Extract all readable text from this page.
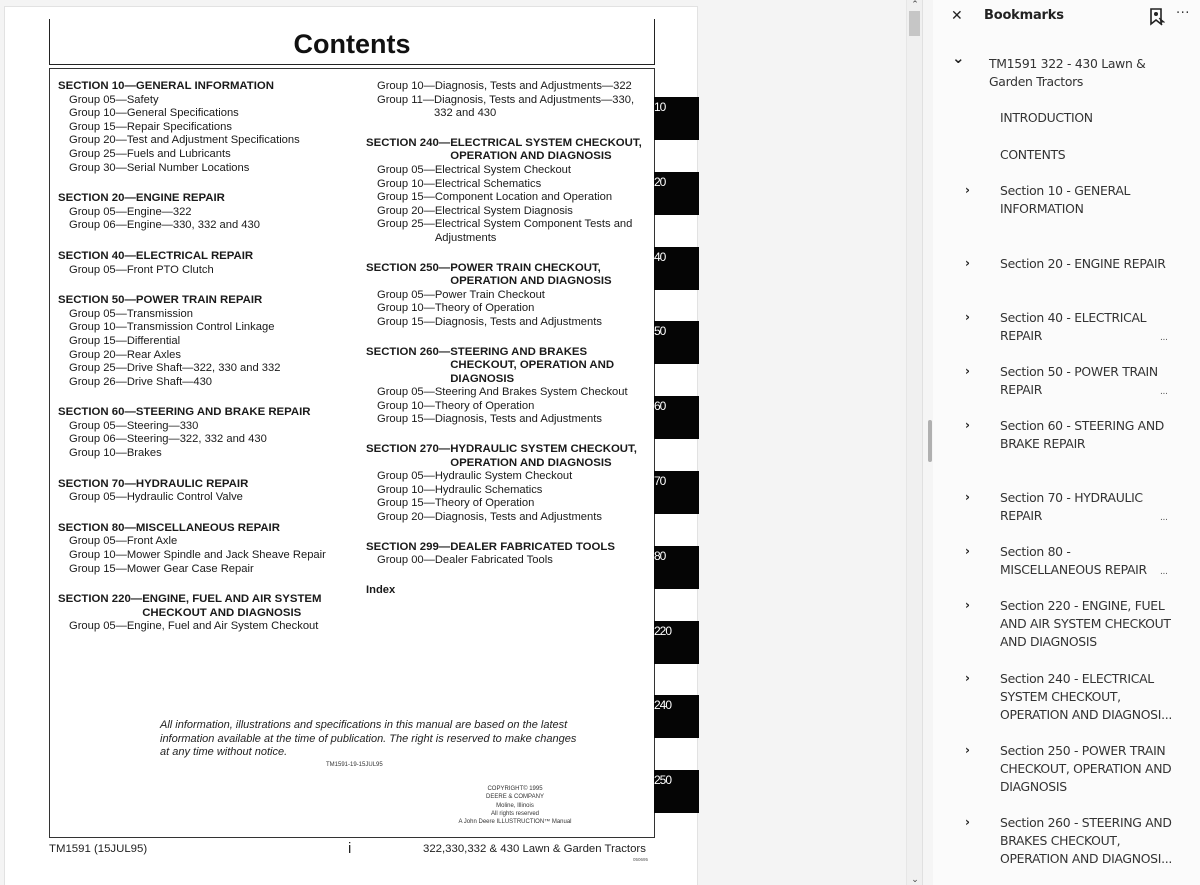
Contents
SECTION 10— GENERAL INFORMATION
Group 05— Safety
Group 10— General Specifications
Group 15— Repair Specifications
Group 20— Test and Adjustment Specifications
Group 25— Fuels and Lubricants
Group 30— Serial Number Locations
SECTION 20— ENGINE REPAIR
Group 05— Engine—322
Group 06— Engine—330, 332 and 430
SECTION 40— ELECTRICAL REPAIR
Group 05— Front PTO Clutch
SECTION 50— POWER TRAIN REPAIR
Group 05— Transmission
Group 10— Transmission Control Linkage
Group 15— Differential
Group 20— Rear Axles
Group 25— Drive Shaft—322, 330 and 332
Group 26— Drive Shaft—430
SECTION 60— STEERING AND BRAKE REPAIR
Group 05— Steering—330
Group 06— Steering—322, 332 and 430
Group 10— Brakes
SECTION 70— HYDRAULIC REPAIR
Group 05— Hydraulic Control Valve
SECTION 80— MISCELLANEOUS REPAIR
Group 05— Front Axle
Group 10— Mower Spindle and Jack Sheave Repair
Group 15— Mower Gear Case Repair
SECTION 220— ENGINE, FUEL AND AIR SYSTEM CHECKOUT AND DIAGNOSIS
Group 05— Engine, Fuel and Air System Checkout
Group 10— Diagnosis, Tests and Adjustments—322
Group 11— Diagnosis, Tests and Adjustments—330, 332 and 430
SECTION 240— ELECTRICAL SYSTEM CHECKOUT, OPERATION AND DIAGNOSIS
Group 05— Electrical System Checkout
Group 10— Electrical Schematics
Group 15— Component Location and Operation
Group 20— Electrical System Diagnosis
Group 25— Electrical System Component Tests and Adjustments
SECTION 250— POWER TRAIN CHECKOUT, OPERATION AND DIAGNOSIS
Group 05— Power Train Checkout
Group 10— Theory of Operation
Group 15— Diagnosis, Tests and Adjustments
SECTION 260— STEERING AND BRAKES CHECKOUT, OPERATION AND DIAGNOSIS
Group 05— Steering And Brakes System Checkout
Group 10— Theory of Operation
Group 15— Diagnosis, Tests and Adjustments
SECTION 270— HYDRAULIC SYSTEM CHECKOUT, OPERATION AND DIAGNOSIS
Group 05— Hydraulic System Checkout
Group 10— Hydraulic Schematics
Group 15— Theory of Operation
Group 20— Diagnosis, Tests and Adjustments
SECTION 299— DEALER FABRICATED TOOLS
Group 00— Dealer Fabricated Tools
Index
All information, illustrations and specifications in this manual are based on the latest information available at the time of publication. The right is reserved to make changes at any time without notice.
TM1591-19-15JUL95
COPYRIGHT© 1995
DEERE & COMPANY
Moline, Illinois
All rights reserved
A John Deere ILLUSTRUCTION™ Manual
TM1591 (15JUL95)	i	322,330,332 & 430 Lawn & Garden Tractors
050695
10
20
40
50
60
70
80
220
240
250
⌃
⌄
✕ Bookmarks	···
⌄ TM1591 322 - 430 Lawn & Garden Tractors
INTRODUCTION
CONTENTS
› Section 10 - GENERAL INFORMATION
› Section 20 - ENGINE REPAIR
› Section 40 - ELECTRICAL REPAIR	...
› Section 50 - POWER TRAIN REPAIR	...
› Section 60 - STEERING AND BRAKE REPAIR
› Section 70 - HYDRAULIC REPAIR	...
› Section 80 - MISCELLANEOUS REPAIR	...
› Section 220 - ENGINE, FUEL AND AIR SYSTEM CHECKOUT AND DIAGNOSIS
› Section 240 - ELECTRICAL SYSTEM CHECKOUT, OPERATION AND DIAGNOSI...
› Section 250 - POWER TRAIN CHECKOUT, OPERATION AND DIAGNOSIS
› Section 260 - STEERING AND BRAKES CHECKOUT, OPERATION AND DIAGNOSI...
